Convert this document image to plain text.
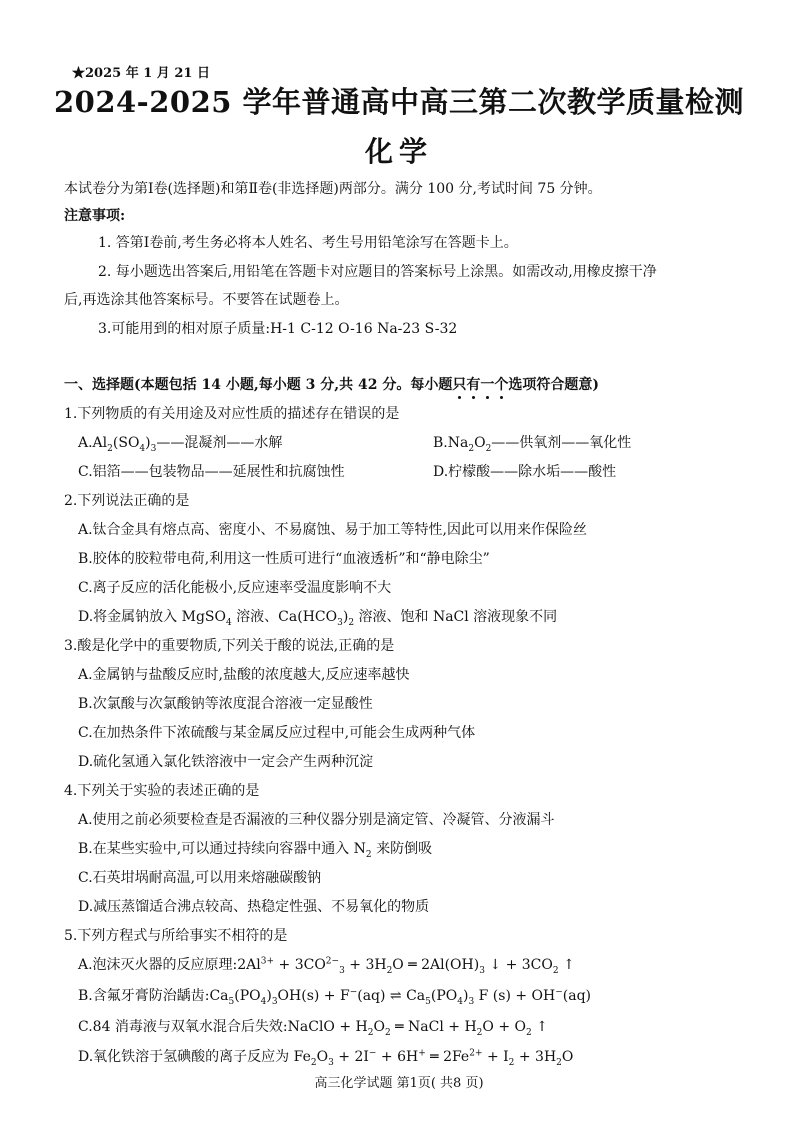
★2025 年 1 月 21 日
2024-2025 学年普通高中高三第二次教学质量检测
化学
本试卷分为第Ⅰ卷(选择题)和第Ⅱ卷(非选择题)两部分。满分 100 分,考试时间 75 分钟。
注意事项:
1. 答第Ⅰ卷前,考生务必将本人姓名、考生号用铅笔涂写在答题卡上。
2. 每小题选出答案后,用铅笔在答题卡对应题目的答案标号上涂黑。如需改动,用橡皮擦干净
后,再选涂其他答案标号。不要答在试题卷上。
3.可能用到的相对原子质量:H-1 C-12 O-16 Na-23 S-32
一、选择题(本题包括 14 小题,每小题 3 分,共 42 分。每小题只有一个选项符合题意)
1.下列物质的有关用途及对应性质的描述存在错误的是
$A.Al_2(SO_4)_3——$混凝剂——水解	$B.Na_2O_2——$供氧剂——氧化性
C.铝箔——包装物品——延展性和抗腐蚀性	D.柠檬酸——除水垢——酸性
2.下列说法正确的是
A.钛合金具有熔点高、密度小、不易腐蚀、易于加工等特性,因此可以用来作保险丝
B.胶体的胶粒带电荷,利用这一性质可进行“血液透析”和“静电除尘”
C.离子反应的活化能极小,反应速率受温度影响不大
D.将金属钠放入 MgSO$_4$ 溶液、$Ca(HCO_3)_2$ 溶液、饱和 NaCl 溶液现象不同
3.酸是化学中的重要物质,下列关于酸的说法,正确的是
A.金属钠与盐酸反应时,盐酸的浓度越大,反应速率越快
B.次氯酸与次氯酸钠等浓度混合溶液一定显酸性
C.在加热条件下浓硫酸与某金属反应过程中,可能会生成两种气体
D.硫化氢通入氯化铁溶液中一定会产生两种沉淀
4.下列关于实验的表述正确的是
A.使用之前必须要检查是否漏液的三种仪器分别是滴定管、冷凝管、分液漏斗
B.在某些实验中,可以通过持续向容器中通入 $N_2$ 来防倒吸
C.石英坩埚耐高温,可以用来熔融碳酸钠
D.减压蒸馏适合沸点较高、热稳定性强、不易氧化的物质
5.下列方程式与所给事实不相符的是
A.泡沫灭火器的反应原理$:2Al^{3+} + 3CO^{2-}_3 + 3H_2O$ ═ $2Al(OH)_3$ ↓ + $3CO_2$ ↑
B.含氟牙膏防治龋齿$:Ca_5(PO_4)_3OH(s) + F^-(aq)$ ⇌ $Ca_5(PO_4)_3$ F (s) + OH−(aq)
C.84 消毒液与双氧水混合后失效:NaClO + $H_2O_2$ ═ NaCl + $H_2O + O_2$ ↑
D.氧化铁溶于氢碘酸的离子反应为 $Fe_2O_3 + 2I^- + 6H^+$ ═ $2Fe^{2+} + I_2 + 3H_2O$
高三化学试题 第1页( 共8 页)
